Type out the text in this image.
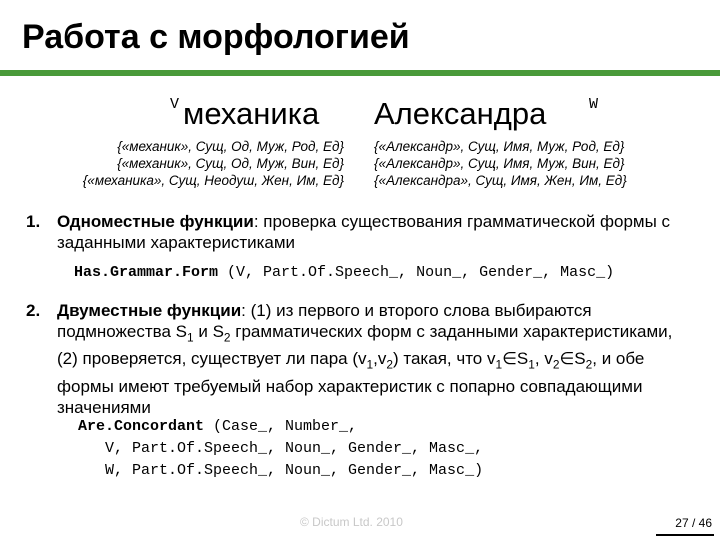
Работа с морфологией
V механика Александра	W
{«механик», Сущ, Од, Муж, Род, Ед}
{«механик», Сущ, Од, Муж, Вин, Ед}
{«механика», Сущ, Неодуш, Жен, Им, Ед}
{«Александр», Сущ, Имя, Муж, Род, Ед}
{«Александр», Сущ, Имя, Муж, Вин, Ед}
{«Александра», Сущ, Имя, Жен, Им, Ед}
1. Одноместные функции: проверка существования грамматической формы с заданными характеристиками
Has.Grammar.Form (V, Part.Of.Speech_, Noun_, Gender_, Masc_)
2. Двуместные функции: (1) из первого и второго слова выбираются подмножества $S_1$ и $S_2$ грамматических форм с заданными характеристиками, (2) проверяется, существует ли пара $(v_1,v_2)$ такая, что $v_1\in S_1$, $v_2\in S_2$, и обе формы имеют требуемый набор характеристик с попарно совпадающими значениями
Are.Concordant (Case_, Number_,
V, Part.Of.Speech_, Noun_, Gender_, Masc_,
W, Part.Of.Speech_, Noun_, Gender_, Masc_)
© Dictum Ltd. 2010	27 / 46
